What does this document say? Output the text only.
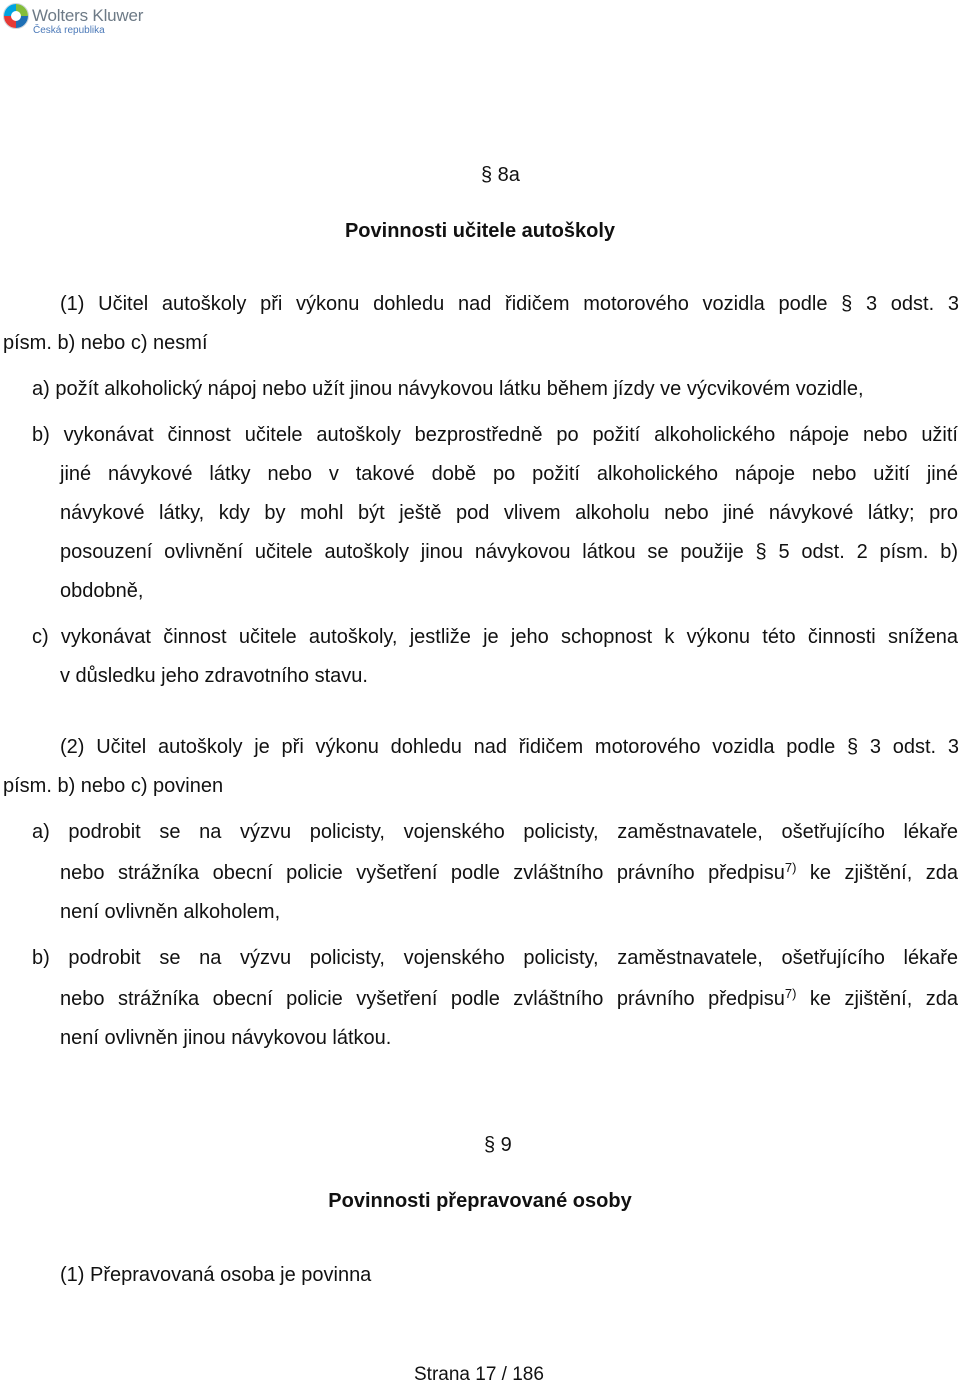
Wolters Kluwer
Česká republika
§ 8a
Povinnosti učitele autoškoly
(1) Učitel autoškoly při výkonu dohledu nad řidičem motorového vozidla podle § 3 odst. 3
písm. b) nebo c) nesmí
a) požít alkoholický nápoj nebo užít jinou návykovou látku během jízdy ve výcvikovém vozidle,
b) vykonávat činnost učitele autoškoly bezprostředně po požití alkoholického nápoje nebo užití
jiné návykové látky nebo v takové době po požití alkoholického nápoje nebo užití jiné
návykové látky, kdy by mohl být ještě pod vlivem alkoholu nebo jiné návykové látky; pro
posouzení ovlivnění učitele autoškoly jinou návykovou látkou se použije § 5 odst. 2 písm. b)
obdobně,
c) vykonávat činnost učitele autoškoly, jestliže je jeho schopnost k výkonu této činnosti snížena
v důsledku jeho zdravotního stavu.
(2) Učitel autoškoly je při výkonu dohledu nad řidičem motorového vozidla podle § 3 odst. 3
písm. b) nebo c) povinen
a) podrobit se na výzvu policisty, vojenského policisty, zaměstnavatele, ošetřujícího lékaře
nebo strážníka obecní policie vyšetření podle zvláštního právního předpisu$^{7)}$ ke zjištění, zda
není ovlivněn alkoholem,
b) podrobit se na výzvu policisty, vojenského policisty, zaměstnavatele, ošetřujícího lékaře
nebo strážníka obecní policie vyšetření podle zvláštního právního předpisu$^{7)}$ ke zjištění, zda
není ovlivněn jinou návykovou látkou.
§ 9
Povinnosti přepravované osoby
(1) Přepravovaná osoba je povinna
Strana 17 / 186
